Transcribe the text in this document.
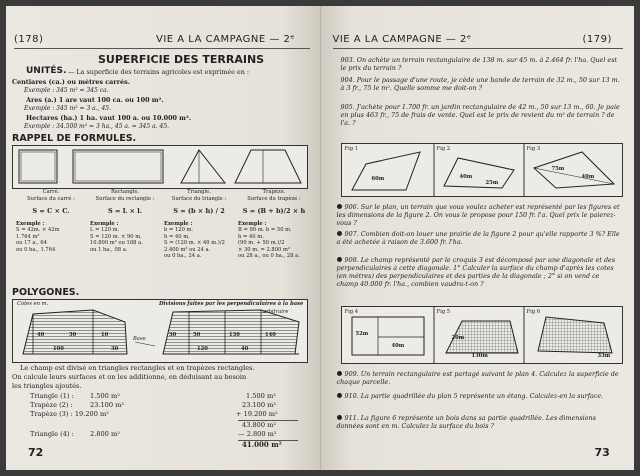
(178)	VIE A LA CAMPAGNE — 2ᵉ
SUPERFICIE DES TERRAINS
UNITÉS. — La superficie des terrains agricoles est exprimée en :
Centiares (ca.) ou mètres carrés.
Exemple : 345 m² = 345 ca.
Ares (a.) 1 are vaut 100 ca. ou 100 m².
Exemple : 345 m² = 3 a., 45.
Hectares (ha.) 1 ha. vaut 100 a. ou 10.000 m².
Exemple : 34.500 m² = 3 ha., 45 a. = 345 a. 45.
RAPPEL DE FORMULES.
Carré.
Surface du carré :
S = C × C.
Exemple :
S = 42m. × 42m
1.764 m²
ou 17 a., 64
ou 0 ha., 1.764
Rectangle.
Surface du rectangle :
S = L × l.
Exemple :
L = 120 m.
S = 120 m. × 90 m.
10.800 m² ou 108 a.
ou 1 ha., 08 a.
Triangle.
Surface du triangle :
S = (b × h) / 2
Exemple :
b = 120 m.
h = 40 m.
S = (120 m. × 40 m.)/2
2.400 m² ou 24 a.
ou 0 ha., 24 a.
Trapèze.
Surface du trapèze :
S = (B + b)/2 × h
Exemple :
B = 90 m. b = 50 m.
h = 40 m.
(90 m. + 50 m.)/2
× 30 m. = 2.800 m²
ou 28 a., ou 0 ha., 28 a.
POLYGONES.
Cotes en m.	Divisions faites par les perpendiculaires à la base
arbitraire
Base
40	50	10
100	30
30	50	130	140
120	40
Le champ est divisé en triangles rectangles et en trapèzes rectangles.
On calcule leurs surfaces et on les additionne, en déduisant au besoin
les triangles ajoutés.
Triangle (1) : 1.500 m²	1.500 m²
Trapèze (2) :	23.100 m²	23.100 m²
Trapèze (3) : 19.200 m²	+ 19.200 m²
43.800 m²
Triangle (4) : 2.800 m²	— 2.800 m²
41.000 m²
72
VIE A LA CAMPAGNE — 2ᵉ	(179)
903. On achète un terrain rectangulaire de 138 m. sur 45 m. à 2.464 fr. l'ha. Quel est le prix du terrain ?
904. Pour le passage d'une route, je cède une bande de terrain de 32 m., 50 sur 13 m. à 3 fr., 75 le m². Quelle somme me doit-on ?
905. J'achète pour 1.700 fr. un jardin rectangulaire de 42 m., 50 sur 13 m., 60. Je paie en plus 463 fr., 75 de frais de vente. Quel est le prix de revient du m² de terrain ? de l'a. ?
Fig 1	Fig 2	Fig 3
60m	40m
25m
75m
40m
906. Sur le plan, un terrain que vous voulez acheter est représenté par les figures et les dimensions de la figure 2. On vous le propose pour 150 fr. l'a. Quel prix le paierez-vous ?
907. Combien doit-on louer une prairie de la figure 2 pour qu'elle rapporte 3 %? Elle a été achetée à raison de 3.600 fr. l'ha.
908. Le champ représenté par le croquis 3 est décomposé par une diagonale et des perpendiculaires à cette diagonale. 1° Calculer la surface du champ d'après les cotes (en mètres) des perpendiculaires et des parties de la diagonale ; 2° si on vend ce champ 40.000 fr. l'ha., combien vaudra-t-on ?
Fig 4	Fig 5	Fig 6
52m
40m
20m
130m	33m
909. Un terrain rectangulaire est partagé suivant le plan 4. Calculez la superficie de chaque parcelle.
910. La partie quadrillée du plan 5 représente un étang. Calculez-en la surface.
911. La figure 6 représente un bois dans sa partie quadrillée. Les dimensions données sont en m. Calculez la surface du bois ?
73
